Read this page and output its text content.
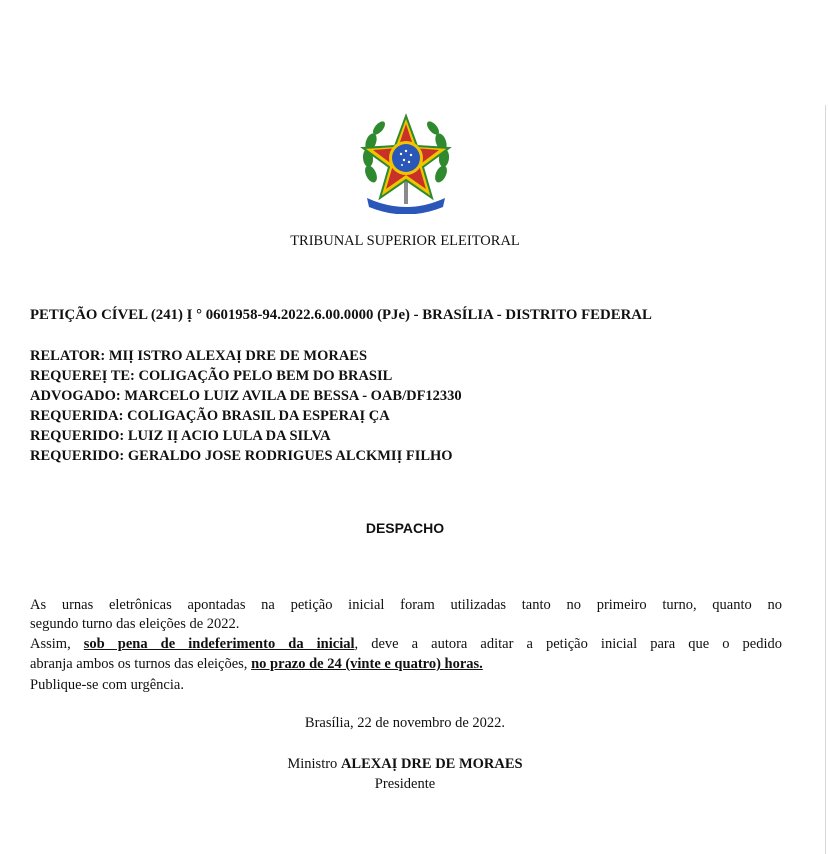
TRIBUNAL SUPERIOR ELEITORAL
PETIÇÃO CÍVEL (241) Ị ° 0601958-94.2022.6.00.0000 (PJe) - BRASÍLIA - DISTRITO FEDERAL
RELATOR: MIỊ ISTRO ALEXAỊ DRE DE MORAES
REQUEREỊ TE: COLIGAÇÃO PELO BEM DO BRASIL
ADVOGADO: MARCELO LUIZ AVILA DE BESSA - OAB/DF12330
REQUERIDA: COLIGAÇÃO BRASIL DA ESPERAỊ ÇA
REQUERIDO: LUIZ IỊ ACIO LULA DA SILVA
REQUERIDO: GERALDO JOSE RODRIGUES ALCKMIỊ FILHO
DESPACHO
As urnas eletrônicas apontadas na petição inicial foram utilizadas tanto no primeiro turno, quanto no
segundo turno das eleições de 2022.
Assim, sob pena de indeferimento da inicial, deve a autora aditar a petição inicial para que o pedido
abranja ambos os turnos das eleições, no prazo de 24 (vinte e quatro) horas.
Publique-se com urgência.
Brasília, 22 de novembro de 2022.
Ministro ALEXAỊ DRE DE MORAES
Presidente
